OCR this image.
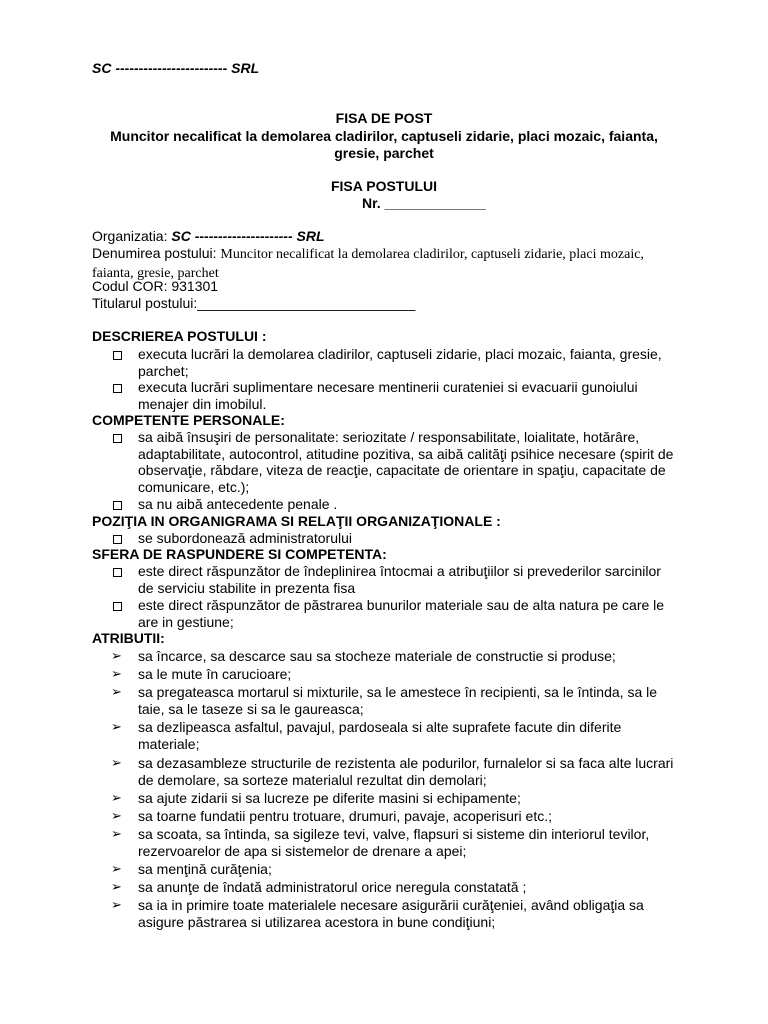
SC ------------------------ SRL
FISA DE POST
Muncitor necalificat la demolarea cladirilor, captuseli zidarie, placi mozaic, faianta, gresie, parchet
FISA POSTULUI
Nr. _____________
Organizatia: SC --------------------- SRL
Denumirea postului: Muncitor necalificat la demolarea cladirilor, captuseli zidarie, placi mozaic, faianta, gresie, parchet
Codul COR: 931301
Titularul postului:____________________________
DESCRIEREA POSTULUI :
executa lucrări la demolarea cladirilor, captuseli zidarie, placi mozaic, faianta, gresie, parchet;
executa lucrări suplimentare necesare mentinerii curateniei si evacuarii gunoiului menajer din imobilul.
COMPETENTE PERSONALE:
sa aibă însuşiri de personalitate: seriozitate / responsabilitate, loialitate, hotărâre, adaptabilitate, autocontrol, atitudine pozitiva, sa aibă calităţi psihice necesare (spirit de observaţie, răbdare, viteza de reacţie, capacitate de orientare in spaţiu, capacitate de comunicare, etc.);
sa nu aibă antecedente penale .
POZIŢIA IN ORGANIGRAMA SI RELAŢII ORGANIZAŢIONALE :
se subordonează administratorului
SFERA DE RASPUNDERE SI COMPETENTA:
este direct răspunzător de îndeplinirea întocmai a atribuţiilor si prevederilor sarcinilor de serviciu stabilite in prezenta fisa
este direct răspunzător de păstrarea bunurilor materiale sau de alta natura pe care le are in gestiune;
ATRIBUTII:
➢ sa încarce, sa descarce sau sa stocheze materiale de constructie si produse;
➢ sa le mute în carucioare;
➢ sa pregateasca mortarul si mixturile, sa le amestece în recipienti, sa le întinda, sa le taie, sa le taseze si sa le gaureasca;
➢ sa dezlipeasca asfaltul, pavajul, pardoseala si alte suprafete facute din diferite materiale;
➢ sa dezasambleze structurile de rezistenta ale podurilor, furnalelor si sa faca alte lucrari de demolare, sa sorteze materialul rezultat din demolari;
➢ sa ajute zidarii si sa lucreze pe diferite masini si echipamente;
➢ sa toarne fundatii pentru trotuare, drumuri, pavaje, acoperisuri etc.;
➢ sa scoata, sa întinda, sa sigileze tevi, valve, flapsuri si sisteme din interiorul tevilor, rezervoarelor de apa si sistemelor de drenare a apei;
➢ sa menţină curăţenia;
➢ sa anunţe de îndată administratorul orice neregula constatată ;
➢ sa ia in primire toate materialele necesare asigurării curăţeniei, având obligaţia sa asigure păstrarea si utilizarea acestora in bune condiţiuni;
